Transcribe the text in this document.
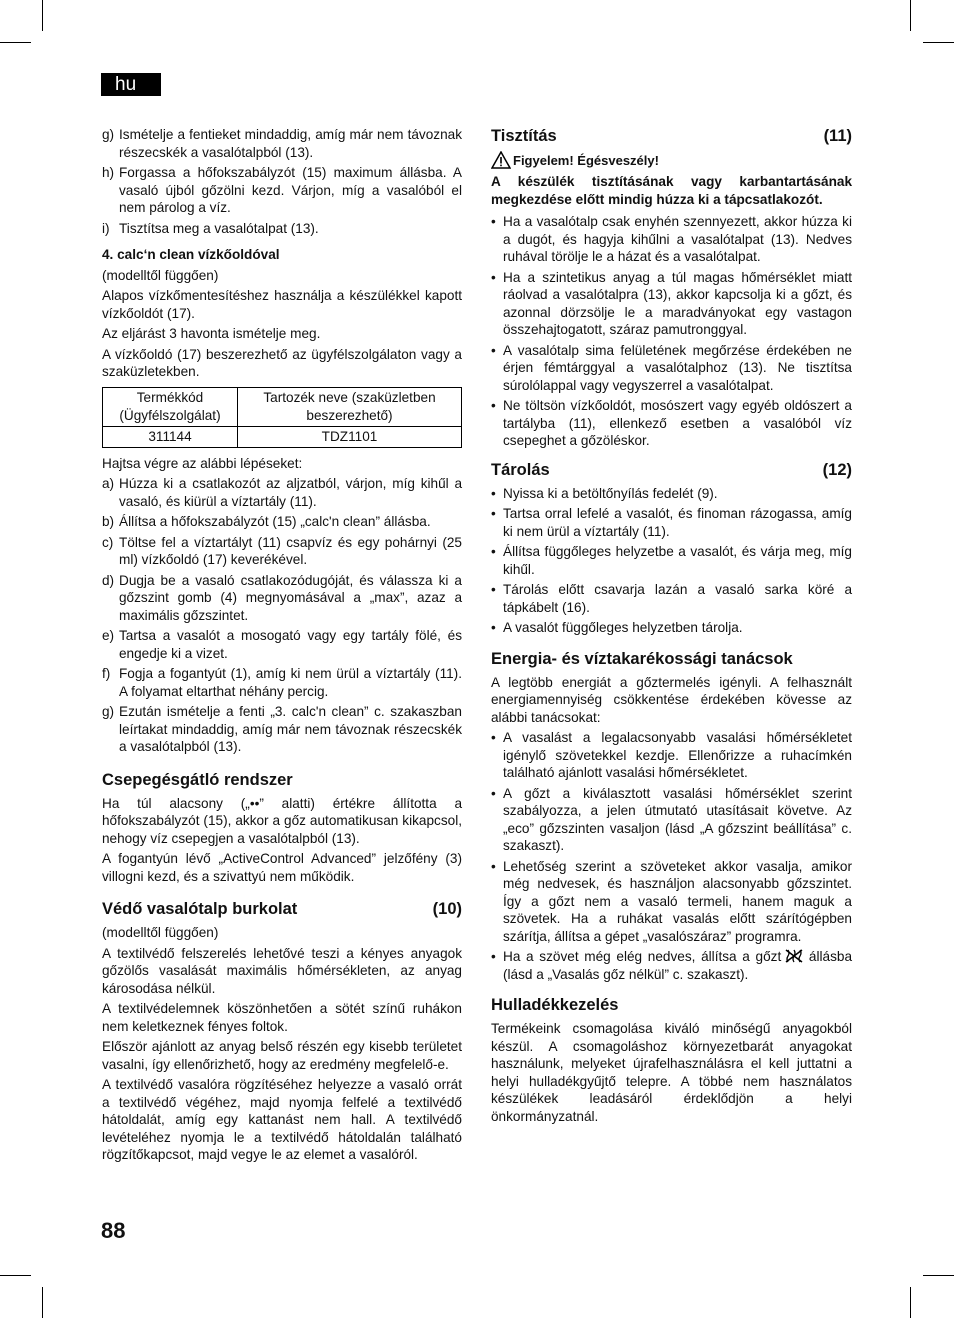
hu
g) Ismételje a fentieket mindaddig, amíg már nem távoznak részecskék a vasalótalpból (13).
h) Forgassa a hőfokszabályzót (15) maximum állásba. A vasaló újból gőzölni kezd. Várjon, míg a vasalóból el nem párolog a víz.
i) Tisztítsa meg a vasalótalpat (13).

4. calc‘n clean vízkőoldóval

(modelltől függően)

Alapos vízkőmentesítéshez használja a készülékkel kapott vízkőoldót (17).

Az eljárást 3 havonta ismételje meg.

A vízkőoldó (17) beszerezhető az ügyfélszolgálaton vagy a szaküzletekben.

Termékkód (Ügyfélszolgálat)	Tartozék neve (szaküzletben beszerezhető)
311144	TDZ1101

Hajtsa végre az alábbi lépéseket:

a) Húzza ki a csatlakozót az aljzatból, várjon, míg kihűl a vasaló, és kiürül a víztartály (11).
b) Állítsa a hőfokszabályzót (15) „calc'n clean” állásba.
c) Töltse fel a víztartályt (11) csapvíz és egy pohárnyi (25 ml) vízkőoldó (17) keverékével.
d) Dugja be a vasaló csatlakozódugóját, és válassza ki a gőzszint gomb (4) megnyomásával a „max”, azaz a maximális gőzszintet.
e) Tartsa a vasalót a mosogató vagy egy tartály fölé, és engedje ki a vizet.
f) Fogja a fogantyút (1), amíg ki nem ürül a víztartály (11). A folyamat eltarthat néhány percig.
g) Ezután ismételje a fenti „3. calc'n clean” c. szakaszban leírtakat mindaddig, amíg már nem távoznak részecskék a vasalótalpból (13).
Csepegésgátló rendszer

Ha túl alacsony („••” alatti) értékre állította a hőfokszabályzót (15), akkor a gőz automatikusan kikapcsol, nehogy víz csepegjen a vasalótalpból (13).

A fogantyún lévő „ActiveControl Advanced” jelzőfény (3) villogni kezd, és a szivattyú nem működik.

Védő vasalótalp burkolat	(10)

(modelltől függően)

A textilvédő felszerelés lehetővé teszi a kényes anyagok gőzölős vasalását maximális hőmérsékleten, az anyag károsodása nélkül.

A textilvédelemnek köszönhetően a sötét színű ruhákon nem keletkeznek fényes foltok.

Először ajánlott az anyag belső részén egy kisebb területet vasalni, így ellenőrizhető, hogy az eredmény megfelelő-e.

A textilvédő vasalóra rögzítéséhez helyezze a vasaló orrát a textilvédő végéhez, majd nyomja felfelé a textilvédő hátoldalát, amíg egy kattanást nem hall. A textilvédő levételéhez nyomja le a textilvédő hátoldalán található rögzítőkapcsot, majd vegye le az elemet a vasalóról.

Tisztítás	(11)
Figyelem! Égésveszély!

A készülék tisztításának vagy karbantartásának megkezdése előtt mindig húzza ki a tápcsatlakozót.

• Ha a vasalótalp csak enyhén szennyezett, akkor húzza ki a dugót, és hagyja kihűlni a vasalótalpat (13). Nedves ruhával törölje le a házat és a vasalótalpat.
• Ha a szintetikus anyag a túl magas hőmérséklet miatt ráolvad a vasalótalpra (13), akkor kapcsolja ki a gőzt, és azonnal dörzsölje le a maradványokat egy vastagon összehajtogatott, száraz pamutronggyal.
• A vasalótalp sima felületének megőrzése érdekében ne érjen fémtárggyal a vasalótalphoz (13). Ne tisztítsa súrolólappal vagy vegyszerrel a vasalótalpat.
• Ne töltsön vízkőoldót, mosószert vagy egyéb oldószert a tartályba (11), ellenkező esetben a vasalóból víz csepeghet a gőzöléskor.
Tárolás	(12)
• Nyissa ki a betöltőnyílás fedelét (9).
• Tartsa orral lefelé a vasalót, és finoman rázogassa, amíg ki nem ürül a víztartály (11).
• Állítsa függőleges helyzetbe a vasalót, és várja meg, míg kihűl.
• Tárolás előtt csavarja lazán a vasaló sarka köré a tápkábelt (16).
• A vasalót függőleges helyzetben tárolja.
Energia- és víztakarékossági tanácsok

A legtöbb energiát a gőztermelés igényli. A felhasznált energiamennyiség csökkentése érdekében kövesse az alábbi tanácsokat:

• A vasalást a legalacsonyabb vasalási hőmérsékletet igénylő szövetekkel kezdje. Ellenőrizze a ruhacímkén található ajánlott vasalási hőmérsékletet.
• A gőzt a kiválasztott vasalási hőmérséklet szerint szabályozza, a jelen útmutató utasításait követve. Az „eco” gőzszinten vasaljon (lásd „A gőzszint beállítása” c. szakaszt).
• Lehetőség szerint a szöveteket akkor vasalja, amikor még nedvesek, és használjon alacsonyabb gőzszintet. Így a gőzt nem a vasaló termeli, hanem maguk a szövetek. Ha a ruhákat vasalás előtt szárítógépben szárítja, állítsa a gépet „vasalószáraz” programra.
• Ha a szövet még elég nedves, állítsa a gőzt állásba (lásd a „Vasalás gőz nélkül” c. szakaszt).
Hulladékkezelés

Termékeink csomagolása kiváló minőségű anyagokból készül. A csomagoláshoz környezetbarát anyagokat használunk, melyeket újrafelhasználásra el kell juttatni a helyi hulladékgyűjtő telepre. A többé nem használatos készülékek leadásáról érdeklődjön a helyi önkormányzatnál.

88
